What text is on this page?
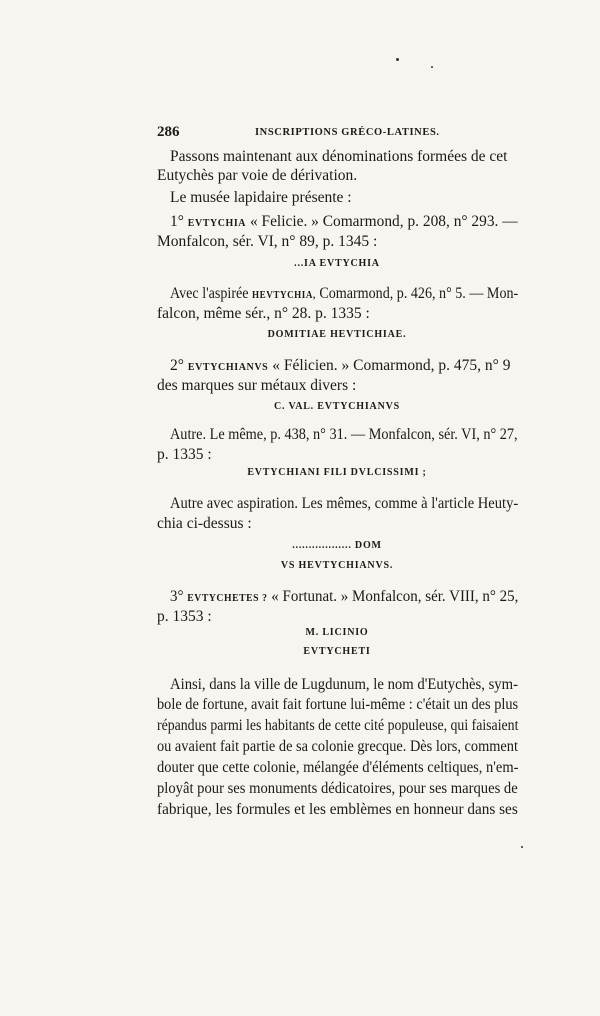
286	INSCRIPTIONS GRÉCO-LATINES.
Passons maintenant aux dénominations formées de cet
Eutychès par voie de dérivation.
Le musée lapidaire présente :
1° EVTYCHIA « Felicie. » Comarmond, p. 208, n° 293. —
Monfalcon, sér. VI, n° 89, p. 1345 :
...IA EVTYCHIA
Avec l'aspirée HEVTYCHIA, Comarmond, p. 426, n° 5. — Mon-
falcon, même sér., n° 28. p. 1335 :
DOMITIAE HEVTICHIAE.
2° EVTYCHIANVS « Félicien. » Comarmond, p. 475, n° 9
des marques sur métaux divers :
C. VAL. EVTYCHIANVS
Autre. Le même, p. 438, n° 31. — Monfalcon, sér. VI, n° 27,
p. 1335 :
EVTYCHIANI FILI DVLCISSIMI ;
Autre avec aspiration. Les mêmes, comme à l'article Heuty-
chia ci-dessus :
.................. DOM
VS HEVTYCHIANVS.
3° EVTYCHETES ? « Fortunat. » Monfalcon, sér. VIII, n° 25,
p. 1353 :
M. LICINIO
EVTYCHETI
Ainsi, dans la ville de Lugdunum, le nom d'Eutychès, sym-
bole de fortune, avait fait fortune lui-même : c'était un des plus
répandus parmi les habitants de cette cité populeuse, qui faisaient
ou avaient fait partie de sa colonie grecque. Dès lors, comment
douter que cette colonie, mélangée d'éléments celtiques, n'em-
ployât pour ses monuments dédicatoires, pour ses marques de
fabrique, les formules et les emblèmes en honneur dans ses
